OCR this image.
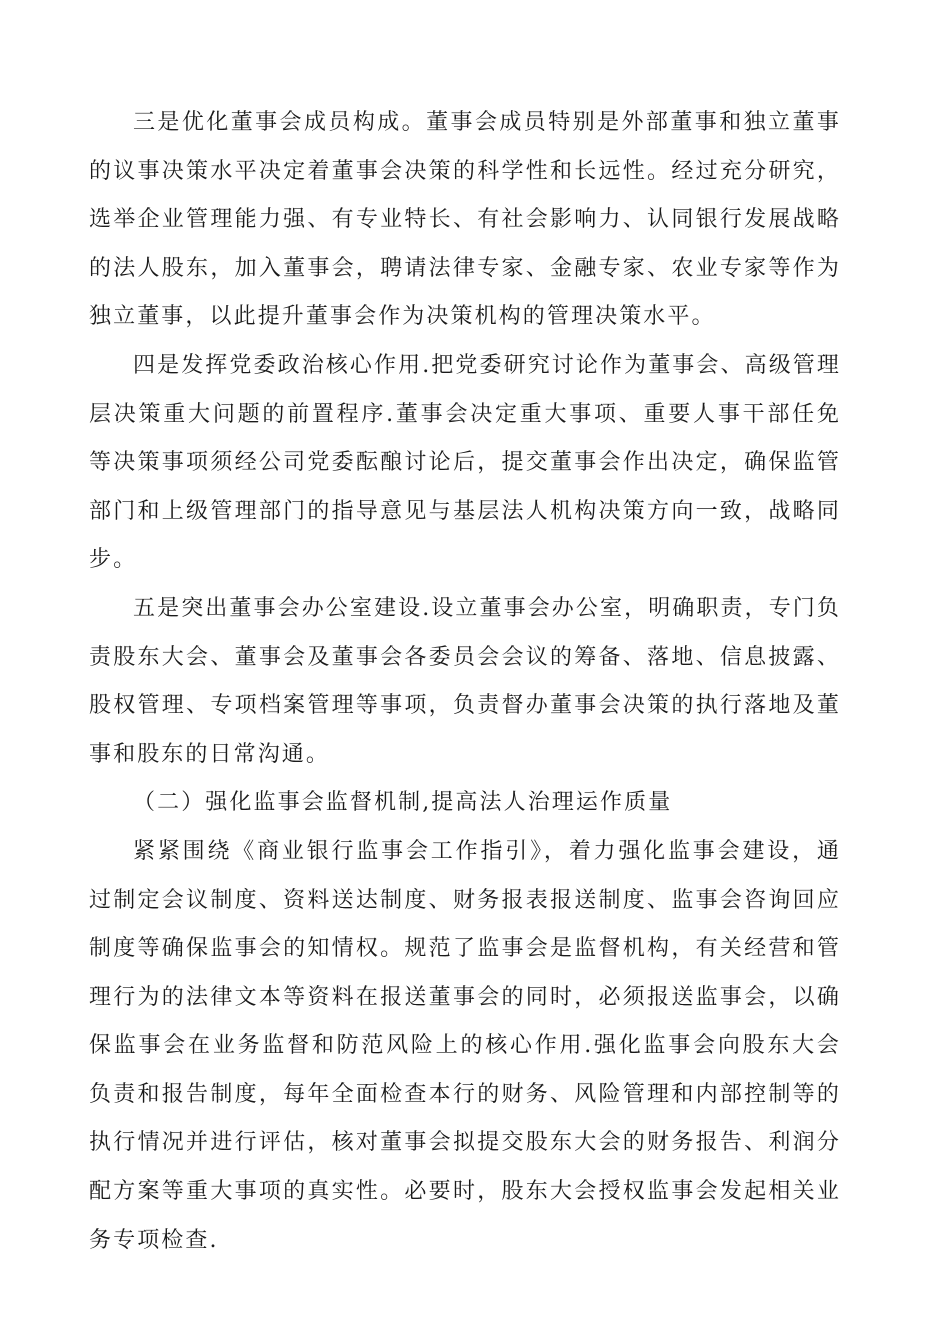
三是优化董事会成员构成。董事会成员特别是外部董事和独立董事的议事决策水平决定着董事会决策的科学性和长远性。经过充分研究，选举企业管理能力强、有专业特长、有社会影响力、认同银行发展战略的法人股东，加入董事会，聘请法律专家、金融专家、农业专家等作为独立董事，以此提升董事会作为决策机构的管理决策水平。

四是发挥党委政治核心作用.把党委研究讨论作为董事会、高级管理层决策重大问题的前置程序.董事会决定重大事项、重要人事干部任免等决策事项须经公司党委酝酿讨论后，提交董事会作出决定，确保监管部门和上级管理部门的指导意见与基层法人机构决策方向一致，战略同步。

五是突出董事会办公室建设.设立董事会办公室，明确职责，专门负责股东大会、董事会及董事会各委员会会议的筹备、落地、信息披露、股权管理、专项档案管理等事项，负责督办董事会决策的执行落地及董事和股东的日常沟通。

（二）强化监事会监督机制,提高法人治理运作质量

紧紧围绕《商业银行监事会工作指引》，着力强化监事会建设，通过制定会议制度、资料送达制度、财务报表报送制度、监事会咨询回应制度等确保监事会的知情权。规范了监事会是监督机构，有关经营和管理行为的法律文本等资料在报送董事会的同时，必须报送监事会，以确保监事会在业务监督和防范风险上的核心作用.强化监事会向股东大会负责和报告制度，每年全面检查本行的财务、风险管理和内部控制等的执行情况并进行评估，核对董事会拟提交股东大会的财务报告、利润分配方案等重大事项的真实性。必要时，股东大会授权监事会发起相关业务专项检查.
